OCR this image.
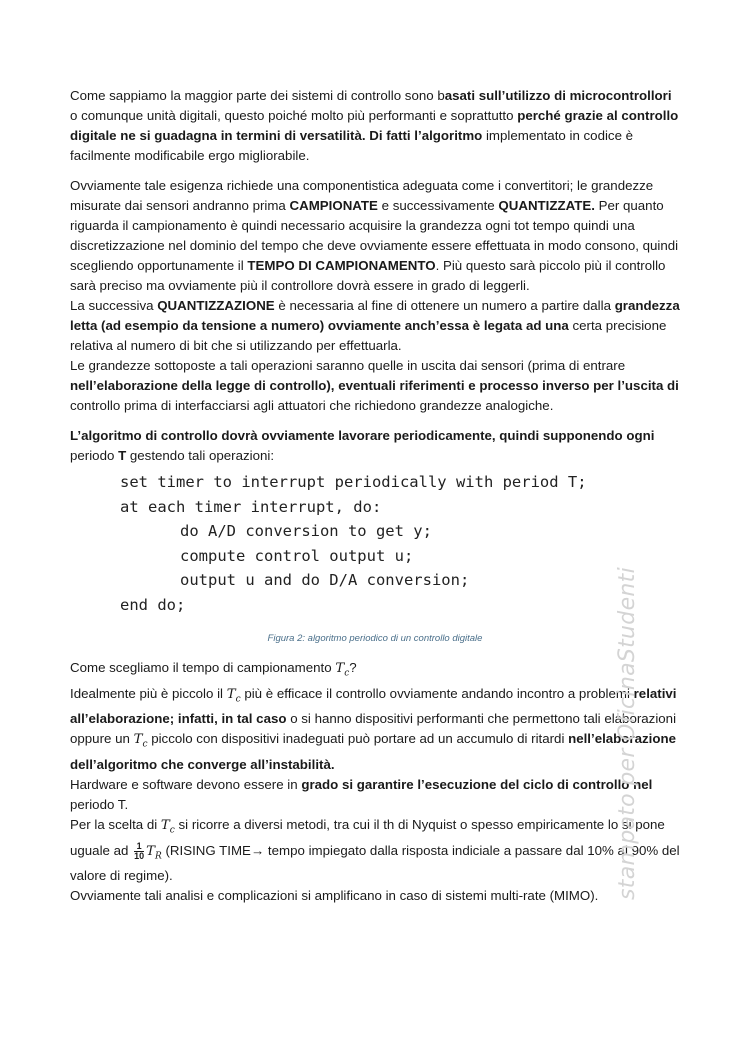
Come sappiamo la maggior parte dei sistemi di controllo sono basati sull’utilizzo di microcontrollori o comunque unità digitali, questo poiché molto più performanti e soprattutto perché grazie al controllo digitale ne si guadagna in termini di versatilità. Di fatti l’algoritmo implementato in codice è facilmente modificabile ergo migliorabile.

Ovviamente tale esigenza richiede una componentistica adeguata come i convertitori; le grandezze misurate dai sensori andranno prima CAMPIONATE e successivamente QUANTIZZATE. Per quanto riguarda il campionamento è quindi necessario acquisire la grandezza ogni tot tempo quindi una discretizzazione nel dominio del tempo che deve ovviamente essere effettuata in modo consono, quindi scegliendo opportunamente il TEMPO DI CAMPIONAMENTO. Più questo sarà piccolo più il controllo sarà preciso ma ovviamente più il controllore dovrà essere in grado di leggerli.

La successiva QUANTIZZAZIONE è necessaria al fine di ottenere un numero a partire dalla grandezza letta (ad esempio da tensione a numero) ovviamente anch’essa è legata ad una certa precisione relativa al numero di bit che si utilizzando per effettuarla.

Le grandezze sottoposte a tali operazioni saranno quelle in uscita dai sensori (prima di entrare nell’elaborazione della legge di controllo), eventuali riferimenti e processo inverso per l’uscita di controllo prima di interfacciarsi agli attuatori che richiedono grandezze analogiche.

L’algoritmo di controllo dovrà ovviamente lavorare periodicamente, quindi supponendo ogni periodo T gestendo tali operazioni:

set timer to interrupt periodically with period T;
at each timer interrupt, do:
do A/D conversion to get y;
compute control output u;
output u and do D/A conversion;
end do;
Figura 2: algoritmo periodico di un controllo digitale

Come scegliamo il tempo di campionamento $T_c$?
Idealmente più è piccolo il $T_c$ più è efficace il controllo ovviamente andando incontro a problemi relativi all’elaborazione; infatti, in tal caso o si hanno dispositivi performanti che permettono tali elaborazioni oppure un $T_c$ piccolo con dispositivi inadeguati può portare ad un accumulo di ritardi nell’elaborazione dell’algoritmo che converge all’instabilità.
Hardware e software devono essere in grado si garantire l’esecuzione del ciclo di controllo nel periodo T.
Per la scelta di $T_c$ si ricorre a diversi metodi, tra cui il th di Nyquist o spesso empiricamente lo si pone uguale ad $\frac{1}{10} T_R$ (RISING TIME→ tempo impiegato dalla risposta indiciale a passare dal 10% al 90% del valore di regime).
Ovviamente tali analisi e complicazioni si amplificano in caso di sistemi multi-rate (MIMO). stampato per OficinaStudenti
